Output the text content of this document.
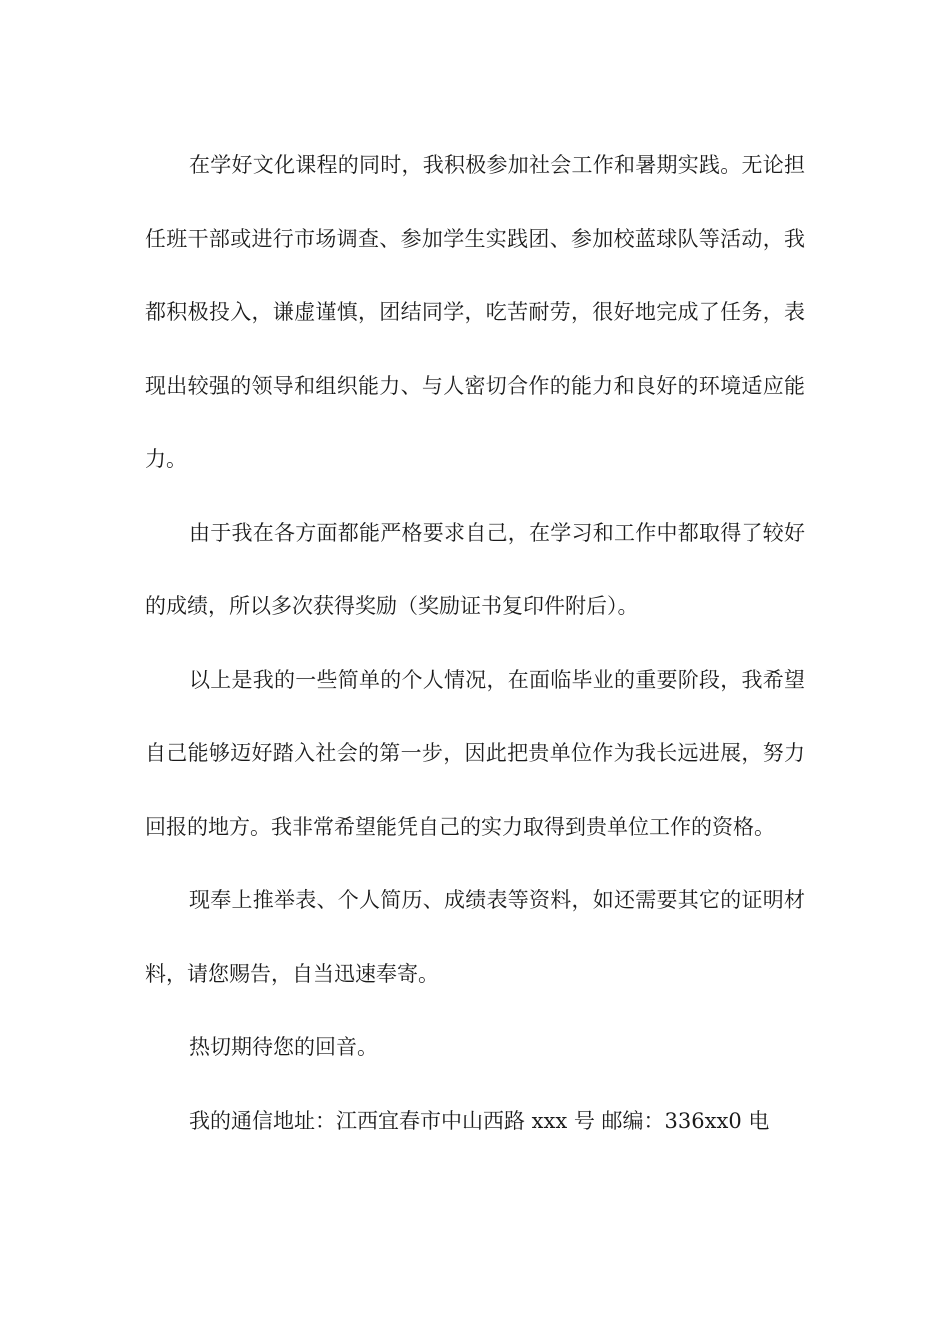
在学好文化课程的同时，我积极参加社会工作和暑期实践。无论担任班干部或进行市场调查、参加学生实践团、参加校蓝球队等活动，我都积极投入，谦虚谨慎，团结同学，吃苦耐劳，很好地完成了任务，表现出较强的领导和组织能力、与人密切合作的能力和良好的环境适应能力。

由于我在各方面都能严格要求自己，在学习和工作中都取得了较好的成绩，所以多次获得奖励（奖励证书复印件附后）。

以上是我的一些简单的个人情况，在面临毕业的重要阶段，我希望自己能够迈好踏入社会的第一步，因此把贵单位作为我长远进展，努力回报的地方。我非常希望能凭自己的实力取得到贵单位工作的资格。

现奉上推举表、个人简历、成绩表等资料，如还需要其它的证明材料，请您赐告，自当迅速奉寄。

热切期待您的回音。

我的通信地址：江西宜春市中山西路 xxx 号 邮编：336xx0 电
